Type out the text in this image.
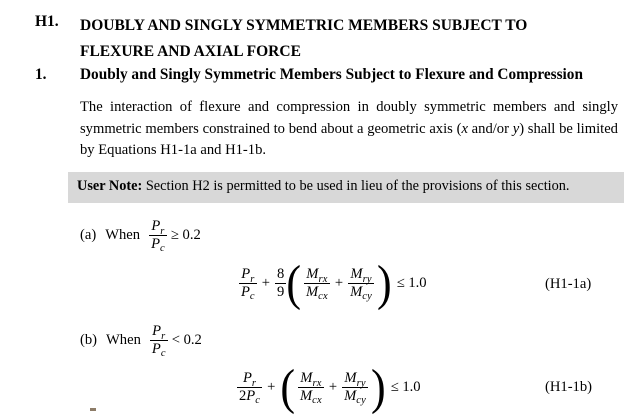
H1. DOUBLY AND SINGLY SYMMETRIC MEMBERS SUBJECT TO
FLEXURE AND AXIAL FORCE
1. Doubly and Singly Symmetric Members Subject to Flexure and Compression
The interaction of flexure and compression in doubly symmetric members and singly symmetric members constrained to bend about a geometric axis (x and/or y) shall be limited by Equations H1-1a and H1-1b.
User Note: Section H2 is permitted to be used in lieu of the provisions of this section.
(a) When $\frac{P_r}{P_c} \ge 0.2$
$\frac{P_r}{P_c} + \frac{8}{9}$ ( $\frac{M_{rx}}{M_{cx}} + \frac{M_{ry}}{M_{cy}}$ ) ≤ 1.0	(H1-1a)
(b) When $\frac{P_r}{P_c} < 0.2$
$\frac{P_r}{2P_c}$ + ( $\frac{M_{rx}}{M_{cx}} + \frac{M_{ry}}{M_{cy}}$ ) ≤ 1.0	(H1-1b)
